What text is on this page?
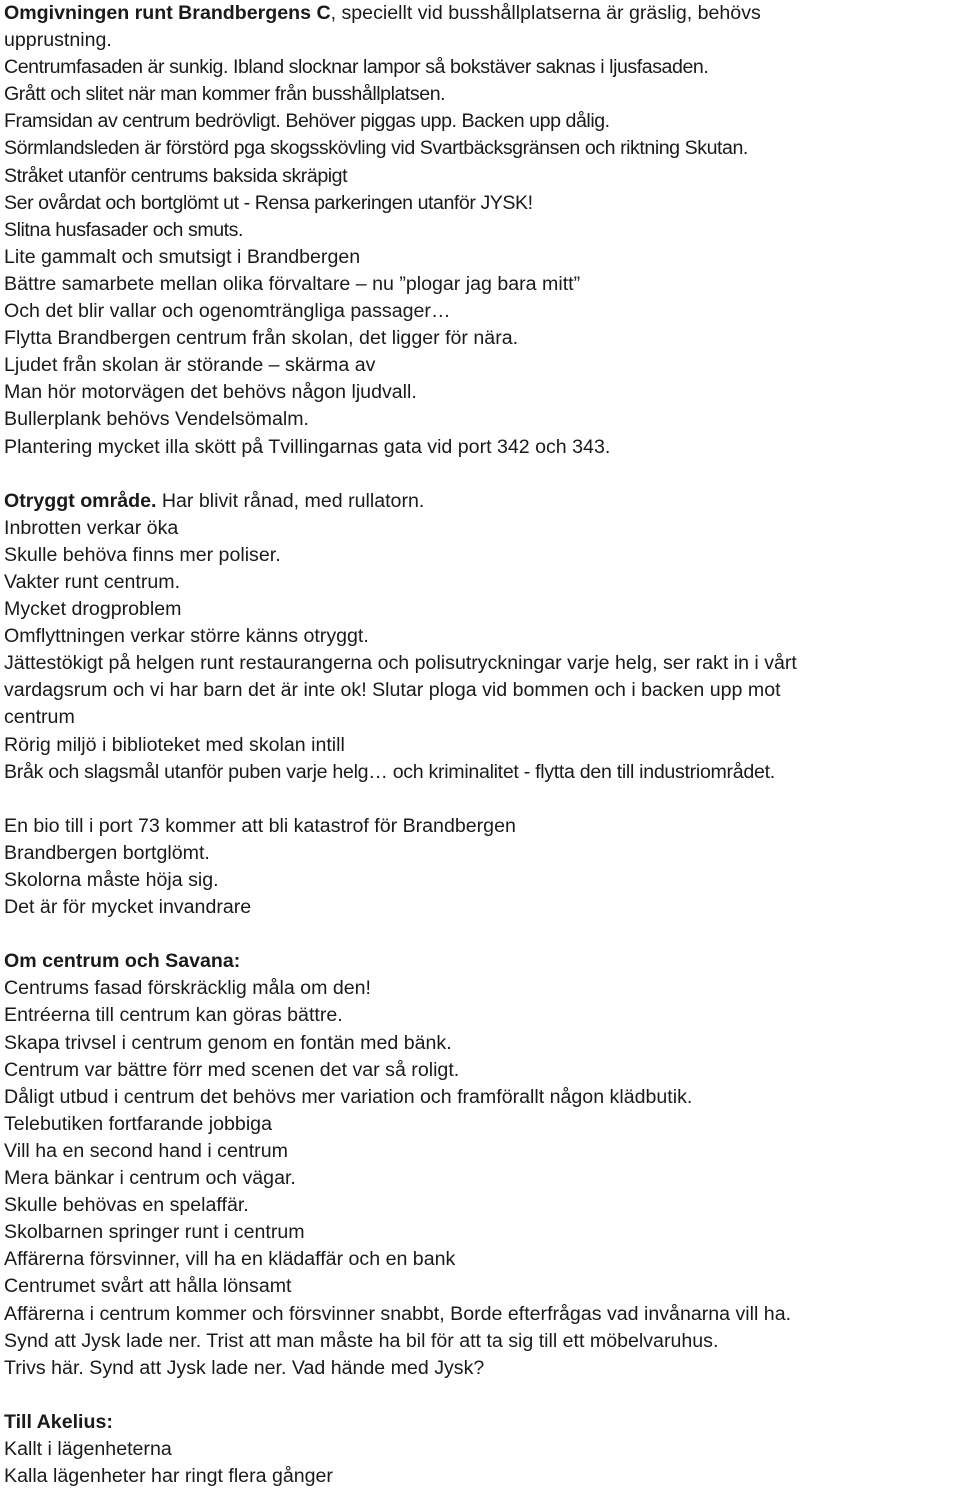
Omgivningen runt Brandbergens C, speciellt vid busshållplatserna är gräslig, behövs
upprustning.
Centrumfasaden är sunkig. Ibland slocknar lampor så bokstäver saknas i ljusfasaden.
Grått och slitet när man kommer från busshållplatsen.
Framsidan av centrum bedrövligt. Behöver piggas upp. Backen upp dålig.
Sörmlandsleden är förstörd pga skogsskövling vid Svartbäcksgränsen och riktning Skutan.
Stråket utanför centrums baksida skräpigt
Ser ovårdat och bortglömt ut - Rensa parkeringen utanför JYSK!
Slitna husfasader och smuts.
Lite gammalt och smutsigt i Brandbergen
Bättre samarbete mellan olika förvaltare – nu ”plogar jag bara mitt”
Och det blir vallar och ogenomträngliga passager…
Flytta Brandbergen centrum från skolan, det ligger för nära.
Ljudet från skolan är störande – skärma av
Man hör motorvägen det behövs någon ljudvall.
Bullerplank behövs Vendelsömalm.
Plantering mycket illa skött på Tvillingarnas gata vid port 342 och 343.
Otryggt område. Har blivit rånad, med rullatorn.
Inbrotten verkar öka
Skulle behöva finns mer poliser.
Vakter runt centrum.
Mycket drogproblem
Omflyttningen verkar större känns otryggt.
Jättestökigt på helgen runt restaurangerna och polisutryckningar varje helg, ser rakt in i vårt
vardagsrum och vi har barn det är inte ok! Slutar ploga vid bommen och i backen upp mot
centrum
Rörig miljö i biblioteket med skolan intill
Bråk och slagsmål utanför puben varje helg… och kriminalitet - flytta den till industriområdet.
En bio till i port 73 kommer att bli katastrof för Brandbergen
Brandbergen bortglömt.
Skolorna måste höja sig.
Det är för mycket invandrare
Om centrum och Savana:
Centrums fasad förskräcklig måla om den!
Entréerna till centrum kan göras bättre.
Skapa trivsel i centrum genom en fontän med bänk.
Centrum var bättre förr med scenen det var så roligt.
Dåligt utbud i centrum det behövs mer variation och framförallt någon klädbutik.
Telebutiken fortfarande jobbiga
Vill ha en second hand i centrum
Mera bänkar i centrum och vägar.
Skulle behövas en spelaffär.
Skolbarnen springer runt i centrum
Affärerna försvinner, vill ha en klädaffär och en bank
Centrumet svårt att hålla lönsamt
Affärerna i centrum kommer och försvinner snabbt, Borde efterfrågas vad invånarna vill ha.
Synd att Jysk lade ner. Trist att man måste ha bil för att ta sig till ett möbelvaruhus.
Trivs här. Synd att Jysk lade ner. Vad hände med Jysk?
Till Akelius:
Kallt i lägenheterna
Kalla lägenheter har ringt flera gånger
